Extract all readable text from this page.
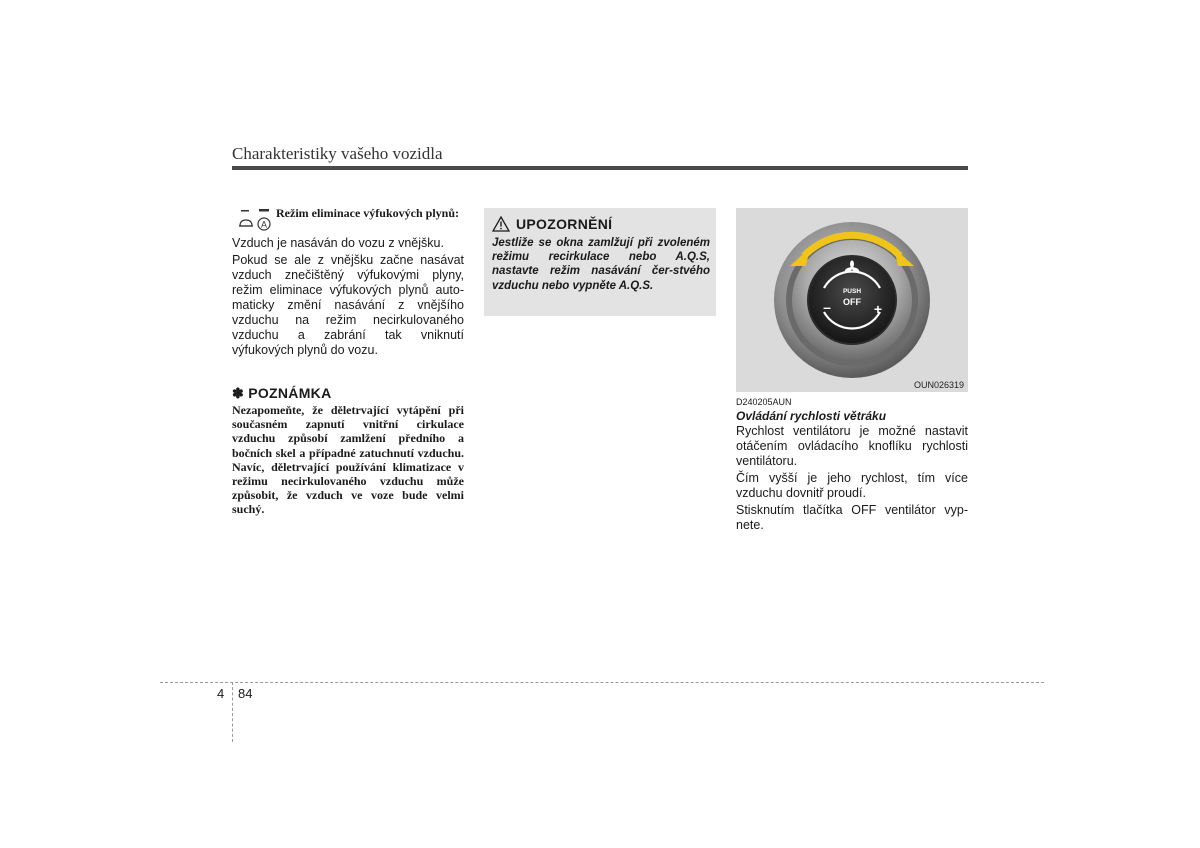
Charakteristiky vašeho vozidla
A
Režim eliminace výfukových plynů:

Vzduch je nasáván do vozu z vnějšku.

Pokud se ale z vnějšku začne nasávat vzduch znečištěný výfukovými plyny, režim eliminace výfukových plynů auto-maticky změní nasávání z vnějšího vzduchu na režim necirkulovaného vzduchu a zabrání tak vniknutí výfukových plynů do vozu.

✽ POZNÁMKA
Nezapomeňte, že děletrvající vytápění při současném zapnutí vnitřní cirkulace vzduchu způsobí zamlžení předního a bočních skel a případné zatuchnutí vzduchu. Navíc, děletrvající používání klimatizace v režimu necirkulovaného vzduchu může způsobit, že vzduch ve voze bude velmi suchý.
UPOZORNĚNÍ
Jestliže se okna zamlžují při zvoleném režimu recirkulace nebo A.Q.S, nastavte režim nasávání čer-stvého vzduchu nebo vypněte A.Q.S.	PUSH
OFF
–	+
OUN026319
D240205AUN
Ovládání rychlosti větráku

Rychlost ventilátoru je možné nastavit otáčením ovládacího knoflíku rychlosti ventilátoru.

Čím vyšší je jeho rychlost, tím více vzduchu dovnitř proudí.

Stisknutím tlačítka OFF ventilátor vyp-nete.

4 84
